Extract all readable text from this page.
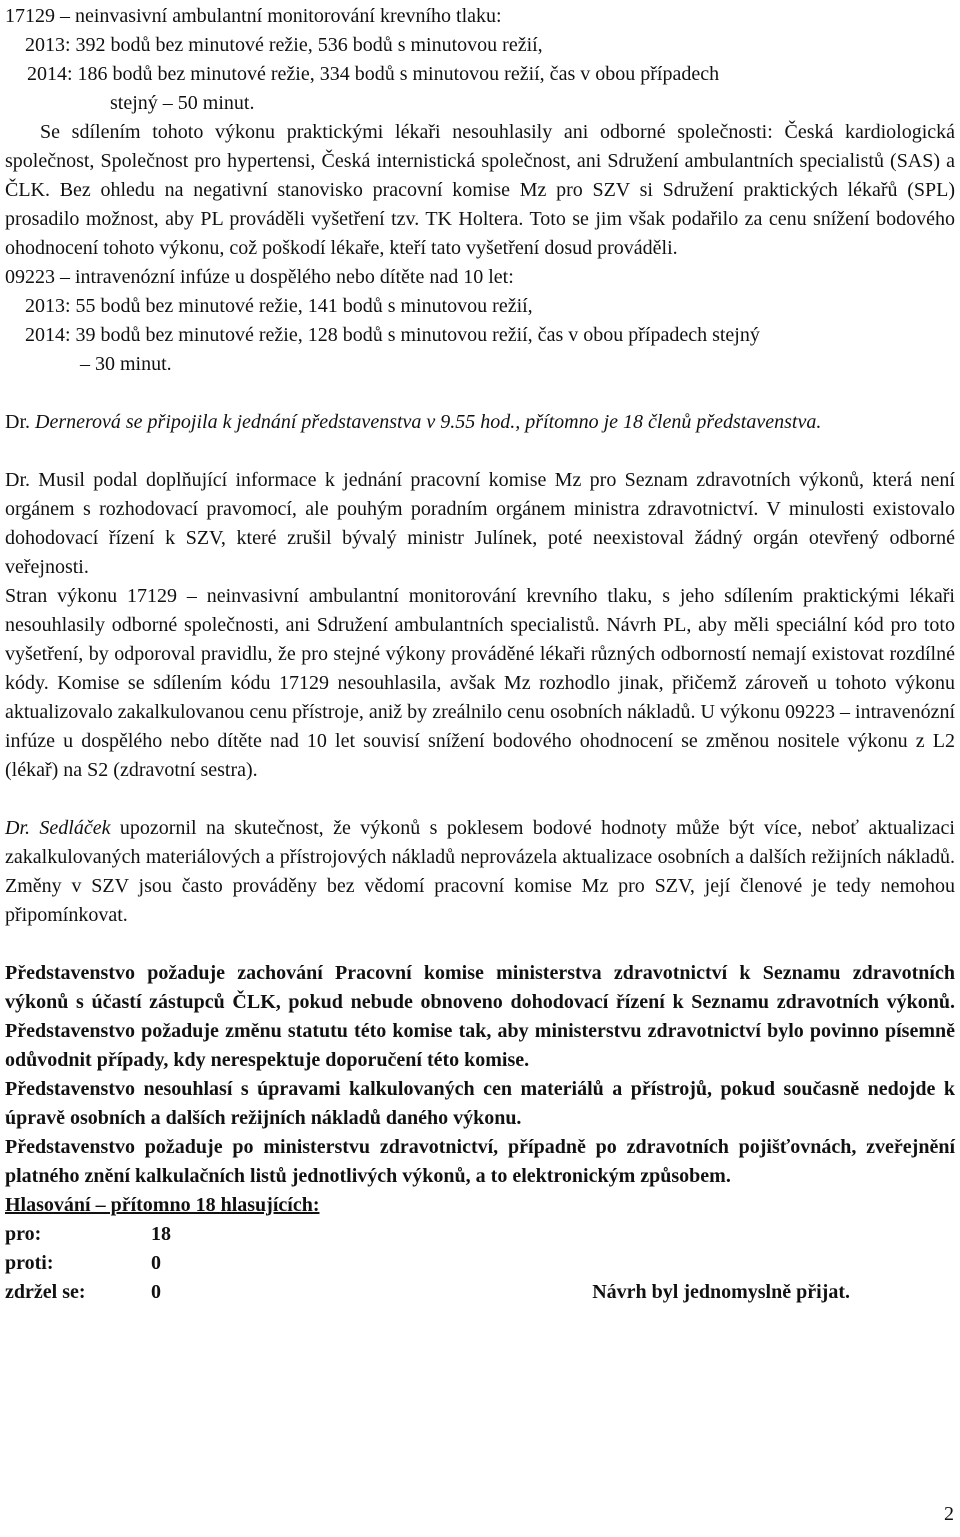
17129 – neinvasivní ambulantní monitorování krevního tlaku:

2013: 392 bodů bez minutové režie, 536 bodů s minutovou režií,

2014: 186 bodů bez minutové režie, 334 bodů s minutovou režií, čas v obou případech

stejný – 50 minut.

Se sdílením tohoto výkonu praktickými lékaři nesouhlasily ani odborné společnosti: Česká kardiologická společnost, Společnost pro hypertensi, Česká internistická společnost, ani Sdružení ambulantních specialistů (SAS) a ČLK. Bez ohledu na negativní stanovisko pracovní komise Mz pro SZV si Sdružení praktických lékařů (SPL) prosadilo možnost, aby PL prováděli vyšetření tzv. TK Holtera. Toto se jim však podařilo za cenu snížení bodového ohodnocení tohoto výkonu, což poškodí lékaře, kteří tato vyšetření dosud prováděli.

09223 – intravenózní infúze u dospělého nebo dítěte nad 10 let:

2013: 55 bodů bez minutové režie, 141 bodů s minutovou režií,

2014: 39 bodů bez minutové režie, 128 bodů s minutovou režií, čas v obou případech stejný

– 30 minut.

Dr. Dernerová se připojila k jednání představenstva v 9.55 hod., přítomno je 18 členů představenstva.

Dr. Musil podal doplňující informace k jednání pracovní komise Mz pro Seznam zdravotních výkonů, která není orgánem s rozhodovací pravomocí, ale pouhým poradním orgánem ministra zdravotnictví. V minulosti existovalo dohodovací řízení k SZV, které zrušil bývalý ministr Julínek, poté neexistoval žádný orgán otevřený odborné veřejnosti.

Stran výkonu 17129 – neinvasivní ambulantní monitorování krevního tlaku, s jeho sdílením praktickými lékaři nesouhlasily odborné společnosti, ani Sdružení ambulantních specialistů. Návrh PL, aby měli speciální kód pro toto vyšetření, by odporoval pravidlu, že pro stejné výkony prováděné lékaři různých odborností nemají existovat rozdílné kódy. Komise se sdílením kódu 17129 nesouhlasila, avšak Mz rozhodlo jinak, přičemž zároveň u tohoto výkonu aktualizovalo zakalkulovanou cenu přístroje, aniž by zreálnilo cenu osobních nákladů. U výkonu 09223 – intravenózní infúze u dospělého nebo dítěte nad 10 let souvisí snížení bodového ohodnocení se změnou nositele výkonu z L2 (lékař) na S2 (zdravotní sestra).

Dr. Sedláček upozornil na skutečnost, že výkonů s poklesem bodové hodnoty může být více, neboť aktualizaci zakalkulovaných materiálových a přístrojových nákladů neprovázela aktualizace osobních a dalších režijních nákladů. Změny v SZV jsou často prováděny bez vědomí pracovní komise Mz pro SZV, její členové je tedy nemohou připomínkovat.

Představenstvo požaduje zachování Pracovní komise ministerstva zdravotnictví k Seznamu zdravotních výkonů s účastí zástupců ČLK, pokud nebude obnoveno dohodovací řízení k Seznamu zdravotních výkonů. Představenstvo požaduje změnu statutu této komise tak, aby ministerstvu zdravotnictví bylo povinno písemně odůvodnit případy, kdy nerespektuje doporučení této komise.

Představenstvo nesouhlasí s úpravami kalkulovaných cen materiálů a přístrojů, pokud současně nedojde k úpravě osobních a dalších režijních nákladů daného výkonu.

Představenstvo požaduje po ministerstvu zdravotnictví, případně po zdravotních pojišťovnách, zveřejnění platného znění kalkulačních listů jednotlivých výkonů, a to elektronickým způsobem.

Hlasování – přítomno 18 hlasujících:

pro:	18
proti:	0
zdržel se:	0	Návrh byl jednomyslně přijat.
2
